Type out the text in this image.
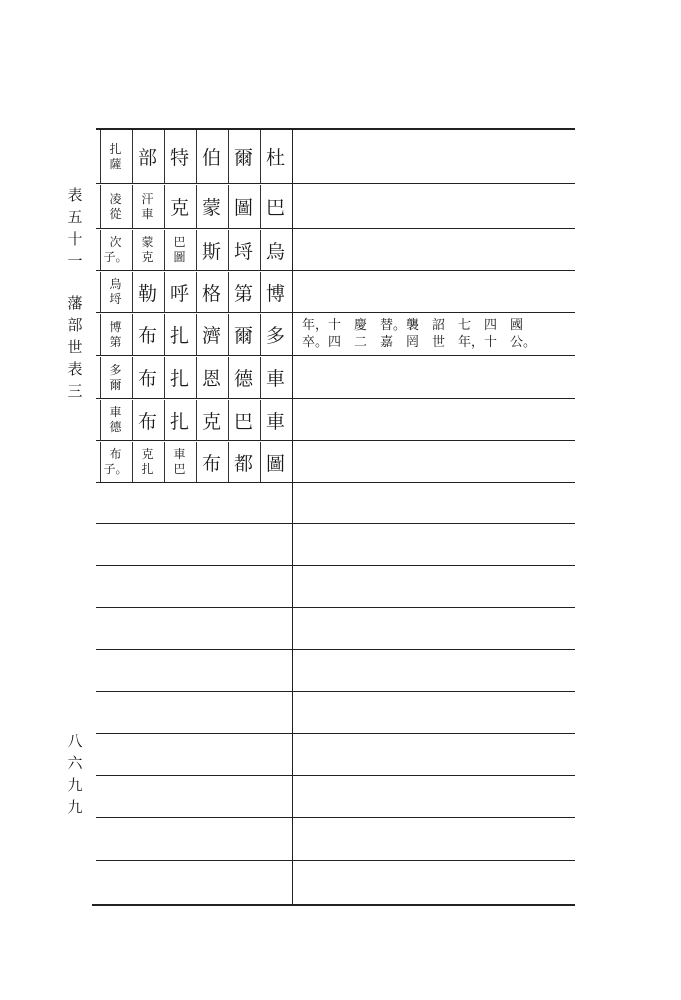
表
五
十
一
藩
部
世
表
三
八
六
九
九
扎
薩 部 特 伯 爾 杜
凌
從
汗
車 克 蒙 圖 巴
次
子。
蒙
克
巴
圖 斯 埒 烏
烏
埒 勒 呼 格 第 博
博
第 布 扎 濟 爾 多
多
爾 布 扎 恩 德 車
車
德 布 扎 克 巴 車
布
子。
克
扎
車
巴 布 都 圖
年，十　慶　替。襲　詔　七　四　國
卒。四　二　嘉　罔　世　年，十　公。
